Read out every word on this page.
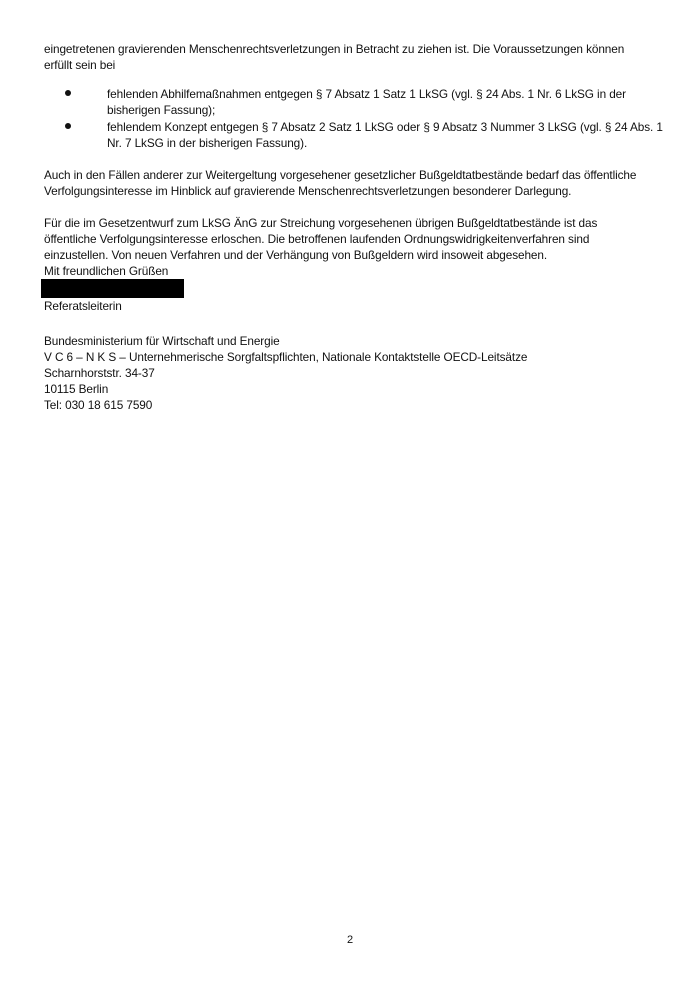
eingetretenen gravierenden Menschenrechtsverletzungen in Betracht zu ziehen ist. Die Voraussetzungen können
erfüllt sein bei

fehlenden Abhilfemaßnahmen entgegen § 7 Absatz 1 Satz 1 LkSG (vgl. § 24 Abs. 1 Nr. 6 LkSG in der
bisherigen Fassung);
fehlendem Konzept entgegen § 7 Absatz 2 Satz 1 LkSG oder § 9 Absatz 3 Nummer 3 LkSG (vgl. § 24 Abs. 1
Nr. 7 LkSG in der bisherigen Fassung).

Auch in den Fällen anderer zur Weitergeltung vorgesehener gesetzlicher Bußgeldtatbestände bedarf das öffentliche
Verfolgungsinteresse im Hinblick auf gravierende Menschenrechtsverletzungen besonderer Darlegung.

Für die im Gesetzentwurf zum LkSG ÄnG zur Streichung vorgesehenen übrigen Bußgeldtatbestände ist das
öffentliche Verfolgungsinteresse erloschen. Die betroffenen laufenden Ordnungswidrigkeitenverfahren sind
einzustellen. Von neuen Verfahren und der Verhängung von Bußgeldern wird insoweit abgesehen.

Mit freundlichen Grüßen

Referatsleiterin

Bundesministerium für Wirtschaft und Energie

V C 6 – N K S – Unternehmerische Sorgfaltspflichten, Nationale Kontaktstelle OECD-Leitsätze

Scharnhorststr. 34-37

10115 Berlin

Tel: 030 18 615 7590

2
